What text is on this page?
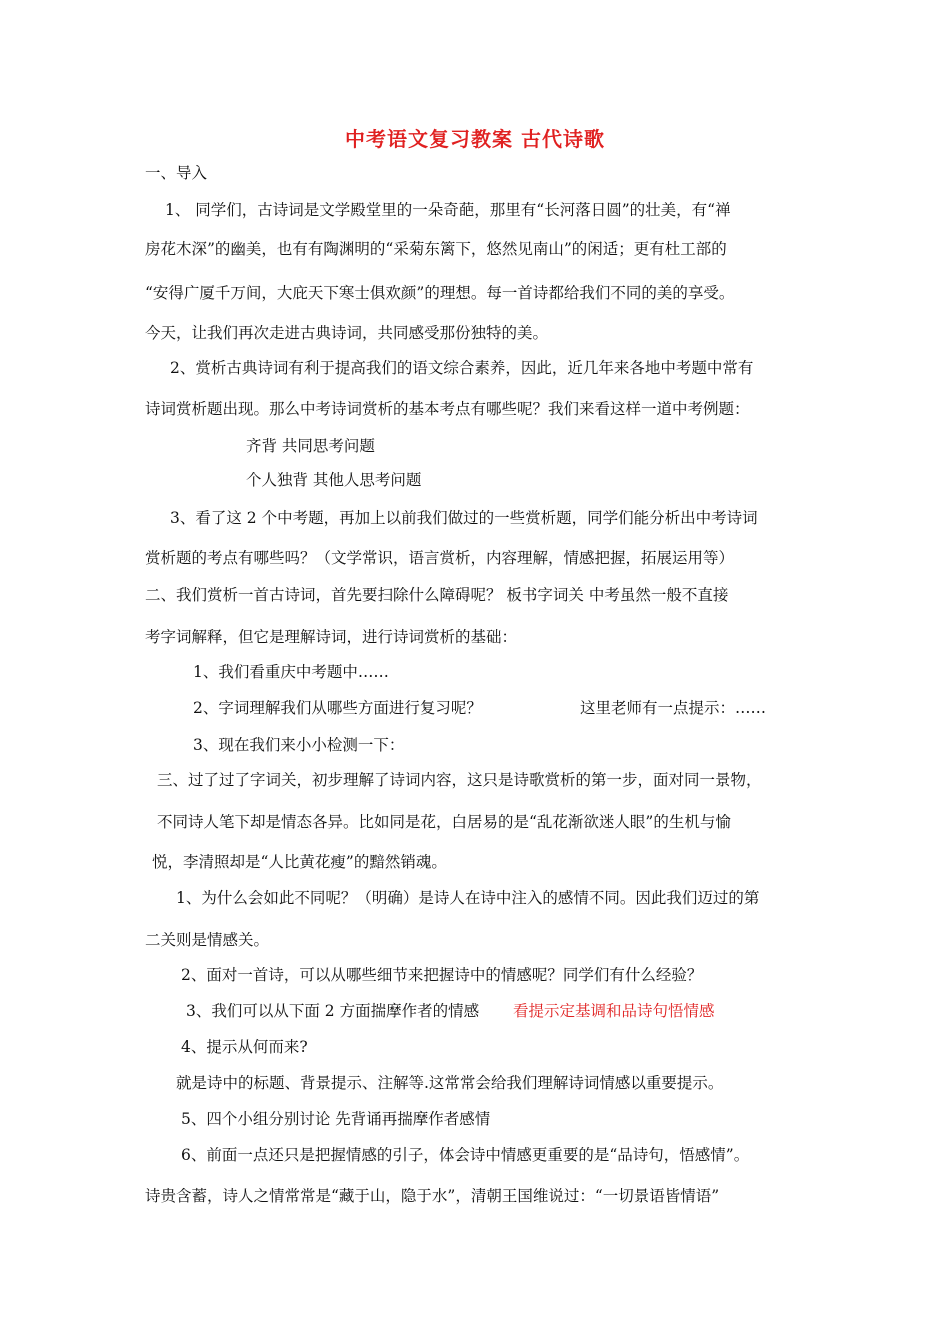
中考语文复习教案 古代诗歌
一、导入
1、 同学们，古诗词是文学殿堂里的一朵奇葩，那里有“长河落日圆”的壮美，有“禅
房花木深”的幽美，也有有陶渊明的“采菊东篱下，悠然见南山”的闲适；更有杜工部的
“安得广厦千万间，大庇天下寒士俱欢颜”的理想。每一首诗都给我们不同的美的享受。
今天，让我们再次走进古典诗词，共同感受那份独特的美。
2、赏析古典诗词有利于提高我们的语文综合素养，因此，近几年来各地中考题中常有
诗词赏析题出现。那么中考诗词赏析的基本考点有哪些呢？我们来看这样一道中考例题：
齐背 共同思考问题
个人独背 其他人思考问题
3、看了这 2 个中考题，再加上以前我们做过的一些赏析题，同学们能分析出中考诗词
赏析题的考点有哪些吗？（文学常识，语言赏析，内容理解，情感把握，拓展运用等）
二、我们赏析一首古诗词，首先要扫除什么障碍呢？ 板书字词关 中考虽然一般不直接
考字词解释，但它是理解诗词，进行诗词赏析的基础：
1、我们看重庆中考题中……
2、字词理解我们从哪些方面进行复习呢？	这里老师有一点提示：……
3、现在我们来小小检测一下：
三、过了过了字词关，初步理解了诗词内容，这只是诗歌赏析的第一步，面对同一景物，
不同诗人笔下却是情态各异。比如同是花，白居易的是“乱花渐欲迷人眼”的生机与愉
悦，李清照却是“人比黄花瘦”的黯然销魂。
1、为什么会如此不同呢？（明确）是诗人在诗中注入的感情不同。因此我们迈过的第
二关则是情感关。
2、面对一首诗，可以从哪些细节来把握诗中的情感呢？同学们有什么经验？
3、我们可以从下面 2 方面揣摩作者的情感 看提示定基调和品诗句悟情感
4、提示从何而来?
就是诗中的标题、背景提示、注解等.这常常会给我们理解诗词情感以重要提示。
5、四个小组分别讨论 先背诵再揣摩作者感情
6、前面一点还只是把握情感的引子，体会诗中情感更重要的是“品诗句，悟感情”。
诗贵含蓄，诗人之情常常是“藏于山，隐于水”，清朝王国维说过：“一切景语皆情语”
